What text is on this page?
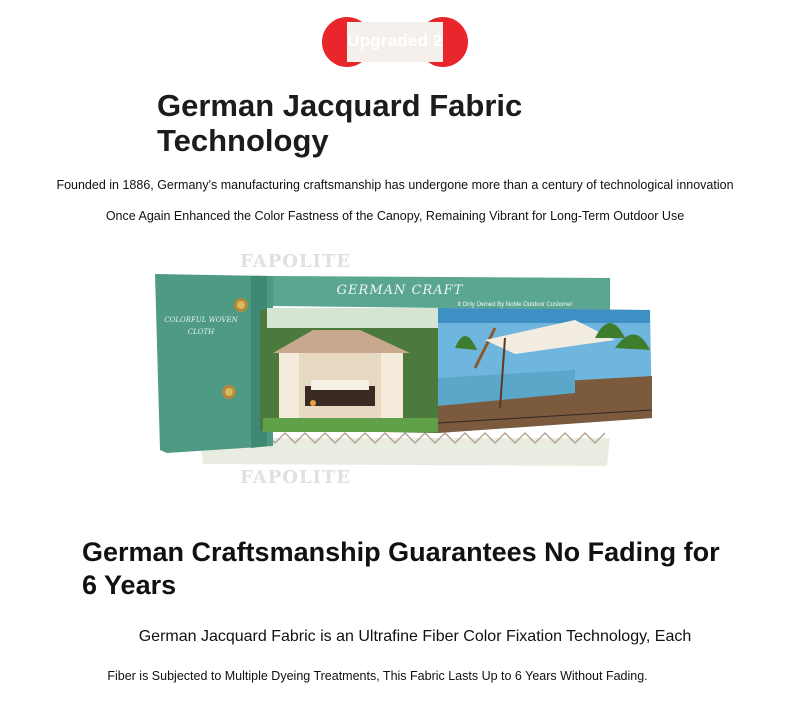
Upgraded 2
German Jacquard Fabric Technology
Founded in 1886, Germany's manufacturing craftsmanship has undergone more than a century of technological innovation
Once Again Enhanced the Color Fastness of the Canopy, Remaining Vibrant for Long-Term Outdoor Use
FAPOLITE
COLORFUL WOVEN
CLOTH
GERMAN CRAFT
It Only Owned By Noble Outdoor Customer
FAPOLITE
German Craftsmanship Guarantees No Fading for 6 Years
German Jacquard Fabric is an Ultrafine Fiber Color Fixation Technology, Each
Fiber is Subjected to Multiple Dyeing Treatments, This Fabric Lasts Up to 6 Years Without Fading.
